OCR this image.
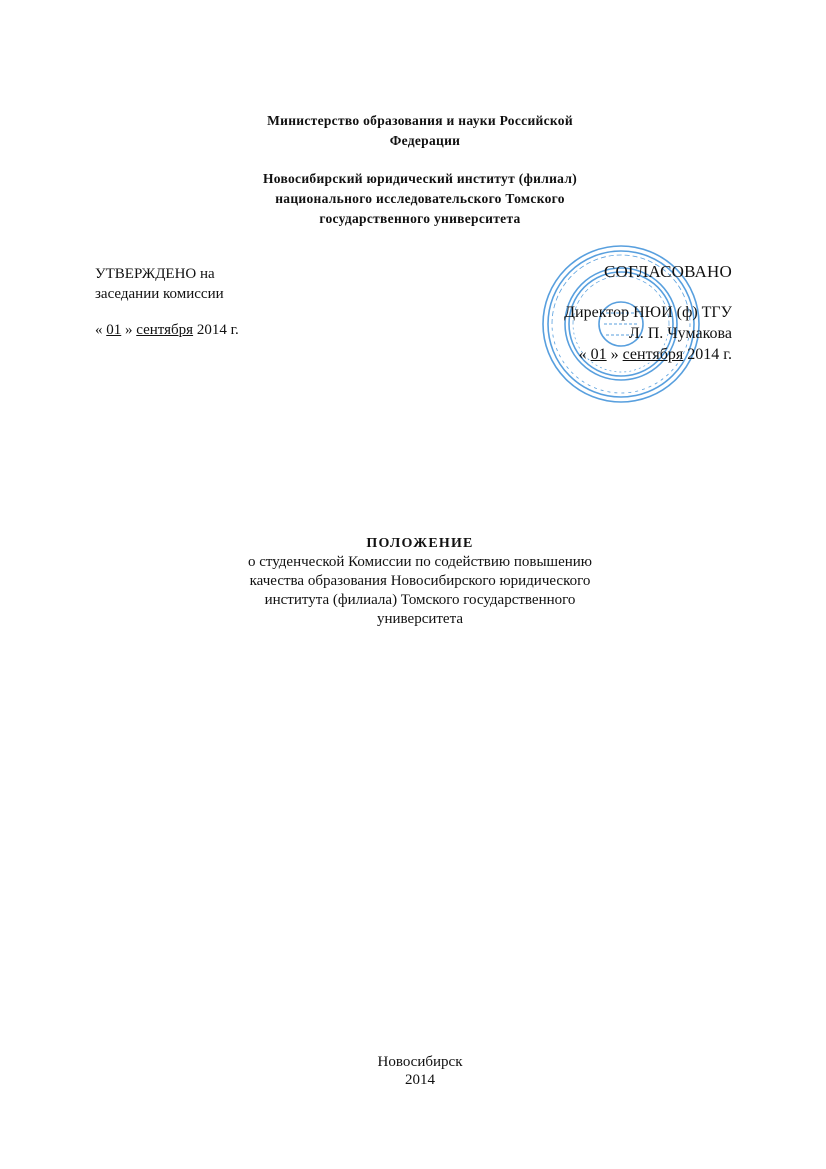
Министерство образования и науки Российской
Федерации
Новосибирский юридический институт (филиал)
национального исследовательского Томского
государственного университета
УТВЕРЖДЕНО на
заседании комиссии
« 01 » сентября 2014 г.
СОГЛАСОВАНО
Директор НЮИ (ф) ТГУ
Л. П. Чумакова
« 01 » сентября 2014 г.
ПОЛОЖЕНИЕ
о студенческой Комиссии по содействию повышению
качества образования Новосибирского юридического
института (филиала) Томского государственного
университета
Новосибирск
2014
